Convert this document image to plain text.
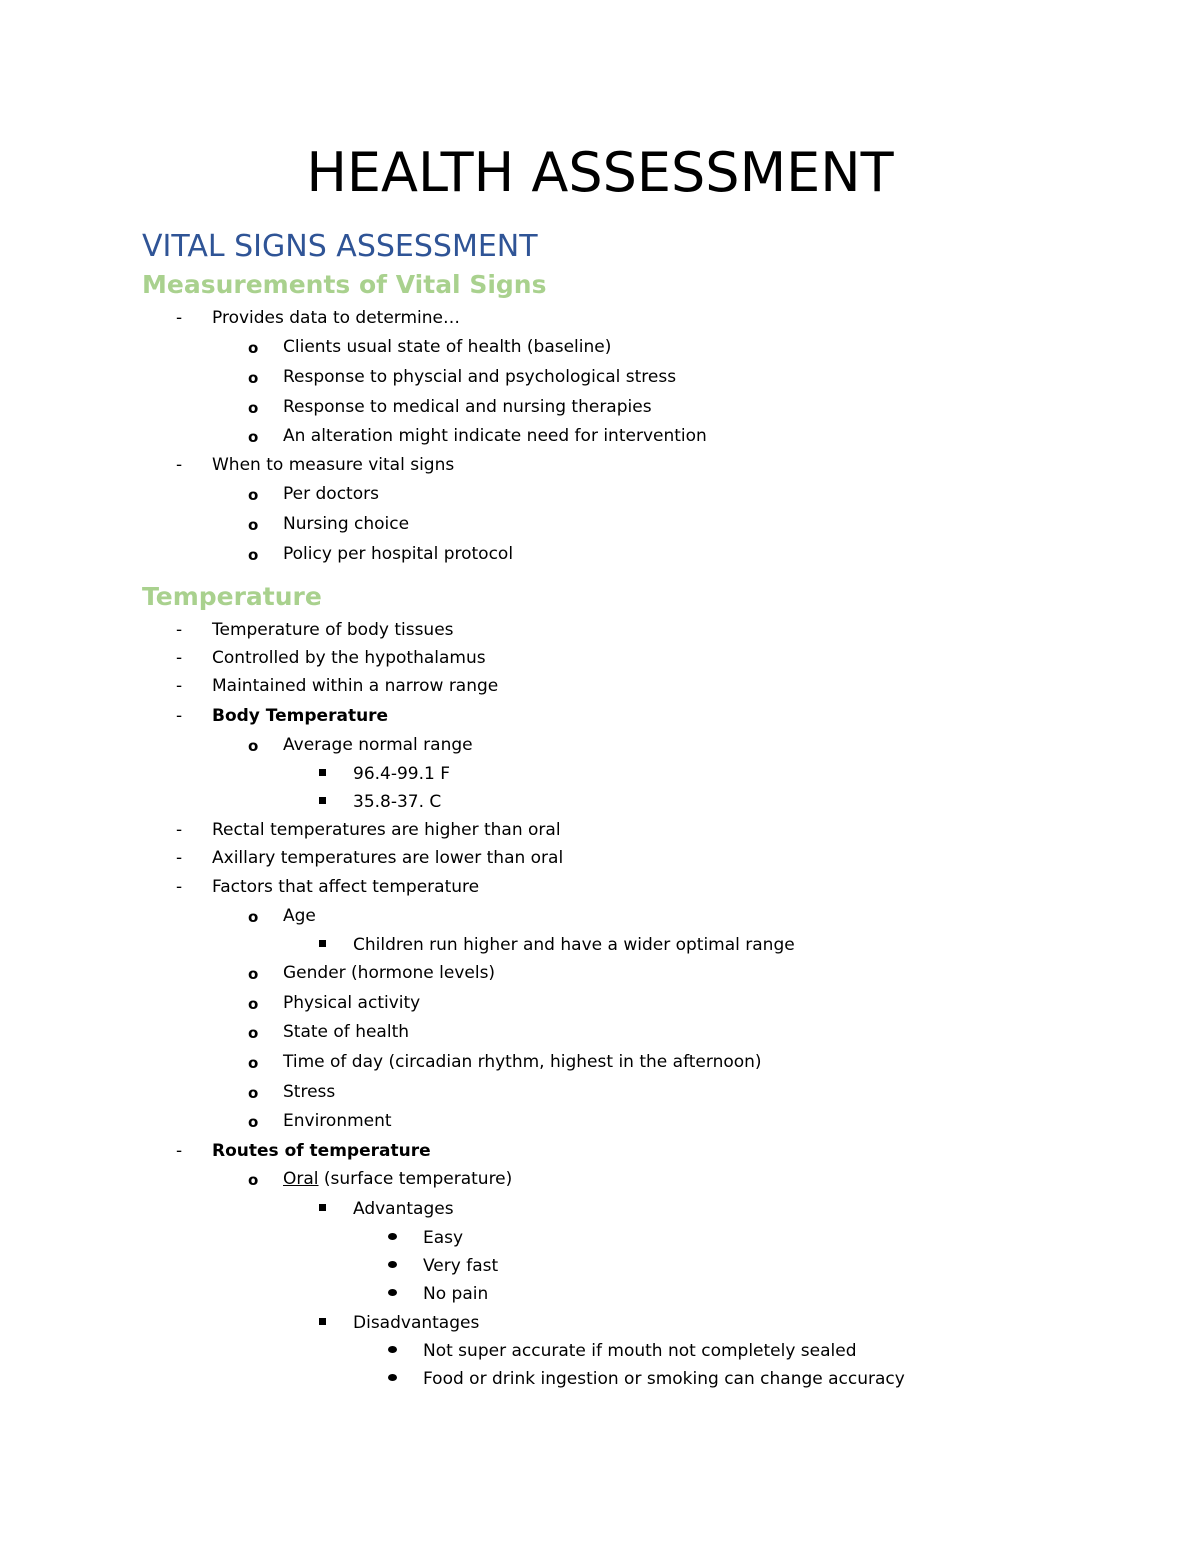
HEALTH ASSESSMENT
VITAL SIGNS ASSESSMENT
Measurements of Vital Signs
- Provides data to determine…
o Clients usual state of health (baseline)
o Response to physcial and psychological stress
o Response to medical and nursing therapies
o An alteration might indicate need for intervention
- When to measure vital signs
o Per doctors
o Nursing choice
o Policy per hospital protocol
Temperature
- Temperature of body tissues
- Controlled by the hypothalamus
- Maintained within a narrow range
- Body Temperature
o Average normal range
96.4-99.1 F
35.8-37. C
- Rectal temperatures are higher than oral
- Axillary temperatures are lower than oral
- Factors that affect temperature
o Age
Children run higher and have a wider optimal range
o Gender (hormone levels)
o Physical activity
o State of health
o Time of day (circadian rhythm, highest in the afternoon)
o Stress
o Environment
- Routes of temperature
o Oral (surface temperature)
Advantages
Easy
Very fast
No pain
Disadvantages
Not super accurate if mouth not completely sealed
Food or drink ingestion or smoking can change accuracy
